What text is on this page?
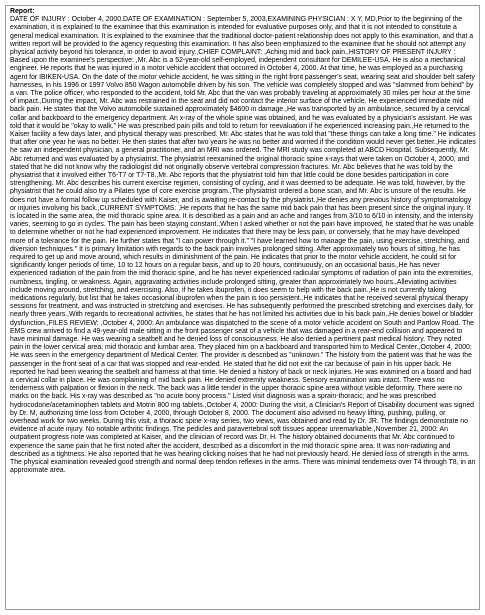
Report:
DATE OF INJURY : October 4, 2000,DATE OF EXAMINATION : September 5, 2003,EXAMINING PHYSICIAN : X Y, MD,Prior to the beginning of the examination, it is explained to the examinee that this examination is intended for evaluative purposes only, and that it is not intended to constitute a general medical examination. It is explained to the examinee that the traditional doctor-patient relationship does not apply to this examination, and that a written report will be provided to the agency requesting this examination. It has also been emphasized to the examinee that he should not attempt any physical activity beyond his tolerance, in order to avoid injury.,CHIEF COMPLAINT: ,Aching mid and back pain.,HISTORY OF PRESENT INJURY : Based upon the examinee's perspective: ,Mr. Abc is a 52-year-old self-employed, independent consultant for DEMILEE-USA. He is also a mechanical engineer. He reports that he was injured in a motor vehicle accident that occurred in October 4, 2000. At that time, he was employed as a purchasing agent for IBIKEN-USA. On the date of the motor vehicle accident, he was sitting in the right front passenger's seat, wearing seat and shoulder belt safety harnesses, in his 1996 or 1997 Volvo 850 Wagon automobile driven by his son. The vehicle was completely stopped and was "slammed from behind" by a van. The police officer, who responded to the accident, told Mr. Abc that the van was probably traveling at approximately 30 miles per hour at the time of impact.,During the impact, Mr. Abc was restrained in the seat and did not contact the interior surface of the vehicle. He experienced immediate mid back pain. He states that the Volvo automobile sustained approximately $4600 in damage.,He was transported by an ambulance, secured by a cervical collar and backboard to the emergency department. An x-ray of the whole spine was obtained, and he was evaluated by a physician's assistant. He was told that it would be "okay to walk." He was prescribed pain pills and told to return for reevaluation if he experienced increasing pain.,He returned to the Kaiser facility a few days later, and physical therapy was prescribed. Mr. Abc states that he was told that "these things can take a long time." He indicates that after one year he was no better. He then states that after two years he was no better and worried if the condition would never get better.,He indicates he saw an independent physician, a general practitioner, and an MRI was ordered. The MRI study was completed at ABCD Hospital. Subsequently, Mr. Abc returned and was evaluated by a physiatrist. The physiatrist reexamined the original thoracic spine x-rays that were taken on October 4, 2000, and stated that he did not know why the radiologist did not originally observe vertebral compression fractures. Mr. Abc believes that he was told by the physiatrist that it involved either T6-T7 or T7-T8.,Mr. Abc reports that the physiatrist told him that little could be done besides participation in core strengthening. Mr. Abc describes his current exercise regimen, consisting of cycling, and it was deemed to be adequate. He was told, however, by the physiatrist that he could also try a Pilates type of core exercise program.,The physiatrist ordered a bone scan, and Mr. Abc is unsure of the results. He does not have a formal follow up scheduled with Kaiser, and is awaiting re-contact by the physiatrist.,He denies any previous history of symptomatology or injuries involving his back.,CURRENT SYMPTOMS: ,He reports that he has the same mid back pain that has been present since the original injury. It is located in the same area, the mid thoracic spine area. It is described as a pain and an ache and ranges from 3/10 to 6/10 in intensity, and the intensity varies, seeming to go in cycles. The pain has been staying constant.,When I asked whether or not the pain have improved, he stated that he was unable to determine whether or not he had experienced improvement. He indicates that there may be less pain, or conversely, that he may have developed more of a tolerance for the pain. He further states that "I can power through it." "I have learned how to manage the pain, using exercise, stretching, and diversion techniques." It is primary limitation with regards to the back pain involves prolonged sitting. After approximately two hours of sitting, he has required to get up and move around, which results in diminishment of the pain. He indicates that prior to the motor vehicle accident, he could sit for significantly longer periods of time, 10 to 12 hours on a regular basis, and up to 20 hours, continuously, on an occasional basis.,He has never experienced radiation of the pain from the mid thoracic spine, and he has never experienced radicular symptoms of radiation of pain into the extremities, numbness, tingling, or weakness. Again, aggravating activities include prolonged sitting, greater than approximately two hours.,Alleviating activities include moving around, stretching, and exercising. Also, if he takes ibuprofen, it does seem to help with the back pain.,He is not currently taking medications regularly, but list that he takes occasional ibuprofen when the pain is too persistent.,He indicates that he received several physical therapy sessions for treatment, and was instructed in stretching and exercises. He has subsequently performed the prescribed stretching and exercises daily, for nearly three years.,With regards to recreational activities, he states that he has not limited his activities due to his back pain.,He denies bowel or bladder dysfunction.,FILES REVIEW: ,October 4, 2000: An ambulance was dispatched to the scene of a motor vehicle accident on South and Partlow Road. The EMS crew arrived to find a 49-year-old male sitting in the front passenger seat of a vehicle that was damaged in a rear-end collision and appeared to have minimal damage. He was wearing a seatbelt and he denied loss of consciousness. He also denied a pertinent past medical history. They noted pain in the lower cervical area, mid thoracic and lumbar area. They placed him on a backboard and transported him to Medical Center.,October 4, 2000: He was seen in the emergency department of Medical Center. The provider is described as "unknown." The history from the patient was that he was the passenger in the front seat of a car that was stopped and rear-ended. He stated that he did not exit the car because of pain in his upper back. He reported he had been wearing the seatbelt and harness at that time. He denied a history of back or neck injuries. He was examined on a board and had a cervical collar in place. He was complaining of mid back pain. He denied extremity weakness. Sensory examination was intact. There was no tenderness with palpation or flexion in the neck. The back was a little tender in the upper thoracic spine area without visible deformity. There were no marks on the back. His x-ray was described as "no acute bony process." Listed visit diagnosis was a sprain-thoracic, and he was prescribed hydrocodone/acetaminophen tablets and Motrin 800 mg tablets.,October 4, 2000: During the visit, a Clinician's Report of Disability document was signed by Dr. M, authorizing time loss from October 4, 2000, through October 8, 2000. The document also advised no heavy lifting, pushing, pulling, or overhead work for two weeks. During this visit, a thoracic spine x-ray series, two views, was obtained and read by Dr. JR. The findings demonstrate no evidence of acute injury. No notable arthritic findings. The pedicles and paravertebral soft tissues appear unremarkable.,November 21, 2000: An outpatient progress note was completed at Kaiser, and the clinician of record was Dr. H. The history obtained documents that Mr. Abc continued to experience the same pain that he first noted after the accident, described as a discomfort in the mid thoracic spine area. It was non-radiating and described as a tightness. He also reported that he was hearing clicking noises that he had not previously heard. He denied loss of strength in the arms. The physical examination revealed good strength and normal deep tendon reflexes in the arms. There was minimal tenderness over T4 through T8, in an approximate area.
